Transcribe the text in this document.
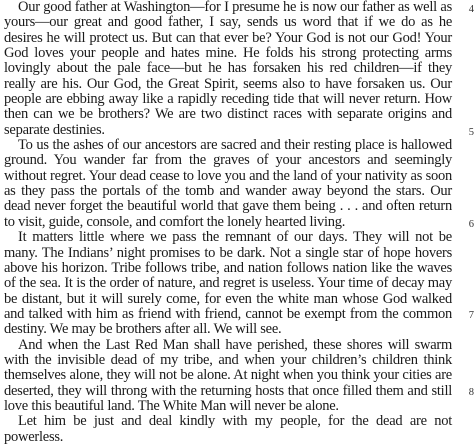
Our good father at Washington—for I presume he is now our father as well as yours—our great and good father, I say, sends us word that if we do as he desires he will protect us. But can that ever be? Your God is not our God! Your God loves your people and hates mine. He folds his strong protecting arms lovingly about the pale face—but he has forsaken his red children—if they really are his. Our God, the Great Spirit, seems also to have forsaken us. Our people are ebbing away like a rapidly receding tide that will never return. How then can we be brothers? We are two distinct races with separate origins and separate destinies.

To us the ashes of our ancestors are sacred and their resting place is hallowed ground. You wander far from the graves of your ancestors and seemingly without regret. Your dead cease to love you and the land of your nativity as soon as they pass the portals of the tomb and wander away beyond the stars. Our dead never forget the beautiful world that gave them being . . . and often return to visit, guide, console, and comfort the lonely hearted living.

It matters little where we pass the remnant of our days. They will not be many. The Indians’ night promises to be dark. Not a single star of hope hovers above his horizon. Tribe follows tribe, and nation follows nation like the waves of the sea. It is the order of nature, and regret is useless. Your time of decay may be distant, but it will surely come, for even the white man whose God walked and talked with him as friend with friend, cannot be exempt from the common destiny. We may be brothers after all. We will see.

And when the Last Red Man shall have perished, these shores will swarm with the invisible dead of my tribe, and when your children’s children think themselves alone, they will not be alone. At night when you think your cities are deserted, they will throng with the returning hosts that once filled them and still love this beautiful land. The White Man will never be alone.

Let him be just and deal kindly with my people, for the dead are not powerless.

4
5
6
7
8
